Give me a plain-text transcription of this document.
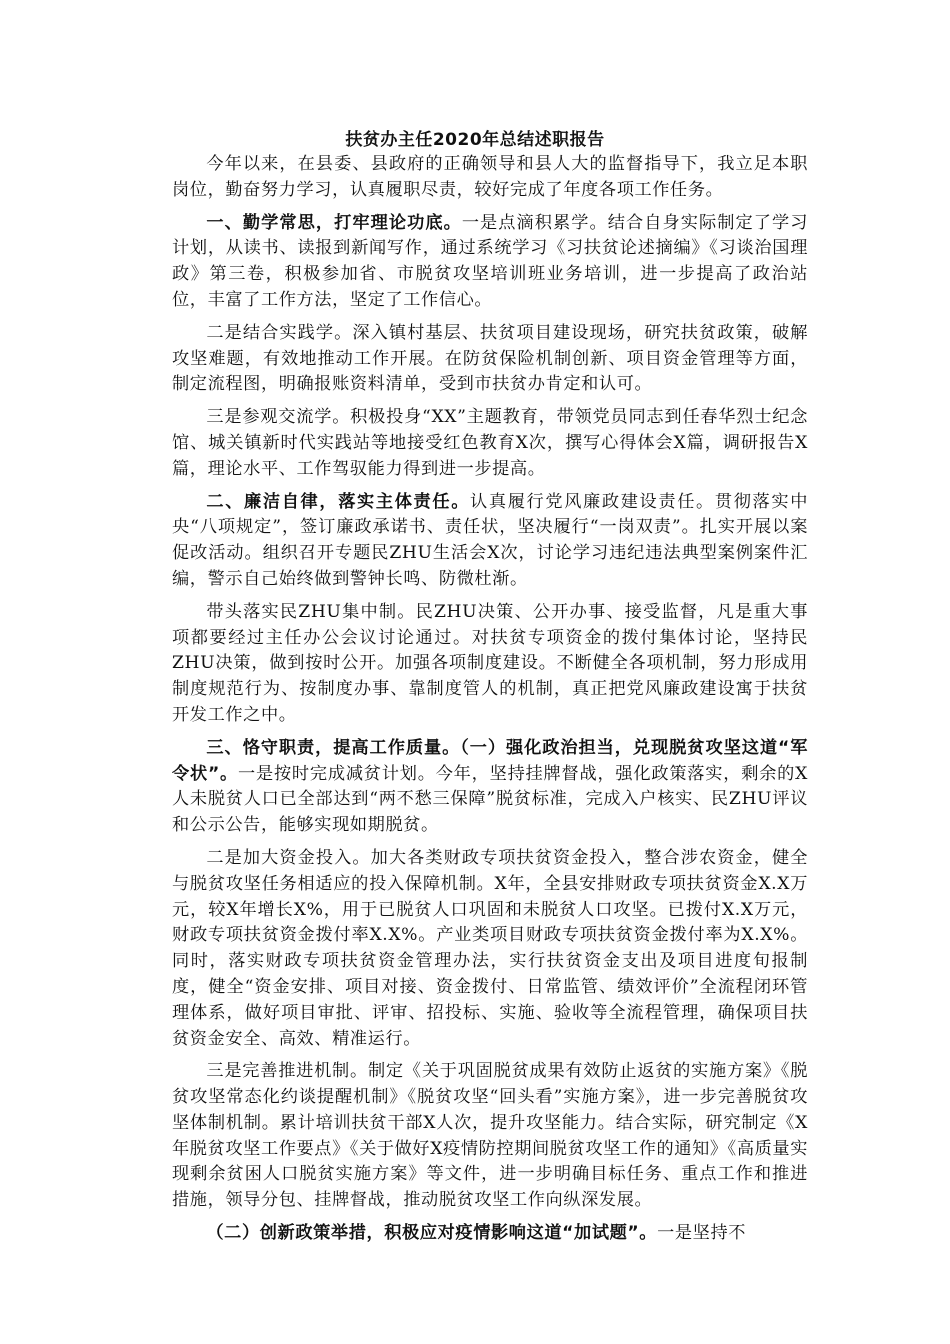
扶贫办主任2020年总结述职报告

今年以来，在县委、县政府的正确领导和县人大的监督指导下，我立足本职岗位，勤奋努力学习，认真履职尽责，较好完成了年度各项工作任务。

一、勤学常思，打牢理论功底。一是点滴积累学。结合自身实际制定了学习计划，从读书、读报到新闻写作，通过系统学习《习扶贫论述摘编》《习谈治国理政》第三卷，积极参加省、市脱贫攻坚培训班业务培训，进一步提高了政治站位，丰富了工作方法，坚定了工作信心。

二是结合实践学。深入镇村基层、扶贫项目建设现场，研究扶贫政策，破解攻坚难题，有效地推动工作开展。在防贫保险机制创新、项目资金管理等方面，制定流程图，明确报账资料清单，受到市扶贫办肯定和认可。

三是参观交流学。积极投身“XX”主题教育，带领党员同志到任春华烈士纪念馆、城关镇新时代实践站等地接受红色教育X次，撰写心得体会X篇，调研报告X篇，理论水平、工作驾驭能力得到进一步提高。

二、廉洁自律，落实主体责任。认真履行党风廉政建设责任。贯彻落实中央“八项规定”，签订廉政承诺书、责任状，坚决履行“一岗双责”。扎实开展以案促改活动。组织召开专题民ZHU生活会X次，讨论学习违纪违法典型案例案件汇编，警示自己始终做到警钟长鸣、防微杜渐。

带头落实民ZHU集中制。民ZHU决策、公开办事、接受监督，凡是重大事项都要经过主任办公会议讨论通过。对扶贫专项资金的拨付集体讨论，坚持民ZHU决策，做到按时公开。加强各项制度建设。不断健全各项机制，努力形成用制度规范行为、按制度办事、靠制度管人的机制，真正把党风廉政建设寓于扶贫开发工作之中。

三、恪守职责，提高工作质量。（一）强化政治担当，兑现脱贫攻坚这道“军令状”。一是按时完成减贫计划。今年，坚持挂牌督战，强化政策落实，剩余的X人未脱贫人口已全部达到“两不愁三保障”脱贫标准，完成入户核实、民ZHU评议和公示公告，能够实现如期脱贫。

二是加大资金投入。加大各类财政专项扶贫资金投入，整合涉农资金，健全与脱贫攻坚任务相适应的投入保障机制。X年，全县安排财政专项扶贫资金X.X万元，较X年增长X%，用于已脱贫人口巩固和未脱贫人口攻坚。已拨付X.X万元，财政专项扶贫资金拨付率X.X%。产业类项目财政专项扶贫资金拨付率为X.X%。同时，落实财政专项扶贫资金管理办法，实行扶贫资金支出及项目进度旬报制度，健全“资金安排、项目对接、资金拨付、日常监管、绩效评价”全流程闭环管理体系，做好项目审批、评审、招投标、实施、验收等全流程管理，确保项目扶贫资金安全、高效、精准运行。

三是完善推进机制。制定《关于巩固脱贫成果有效防止返贫的实施方案》《脱贫攻坚常态化约谈提醒机制》《脱贫攻坚“回头看”实施方案》，进一步完善脱贫攻坚体制机制。累计培训扶贫干部X人次，提升攻坚能力。结合实际，研究制定《X年脱贫攻坚工作要点》《关于做好X疫情防控期间脱贫攻坚工作的通知》《高质量实现剩余贫困人口脱贫实施方案》等文件，进一步明确目标任务、重点工作和推进措施，领导分包、挂牌督战，推动脱贫攻坚工作向纵深发展。

（二）创新政策举措，积极应对疫情影响这道“加试题”。一是坚持不
